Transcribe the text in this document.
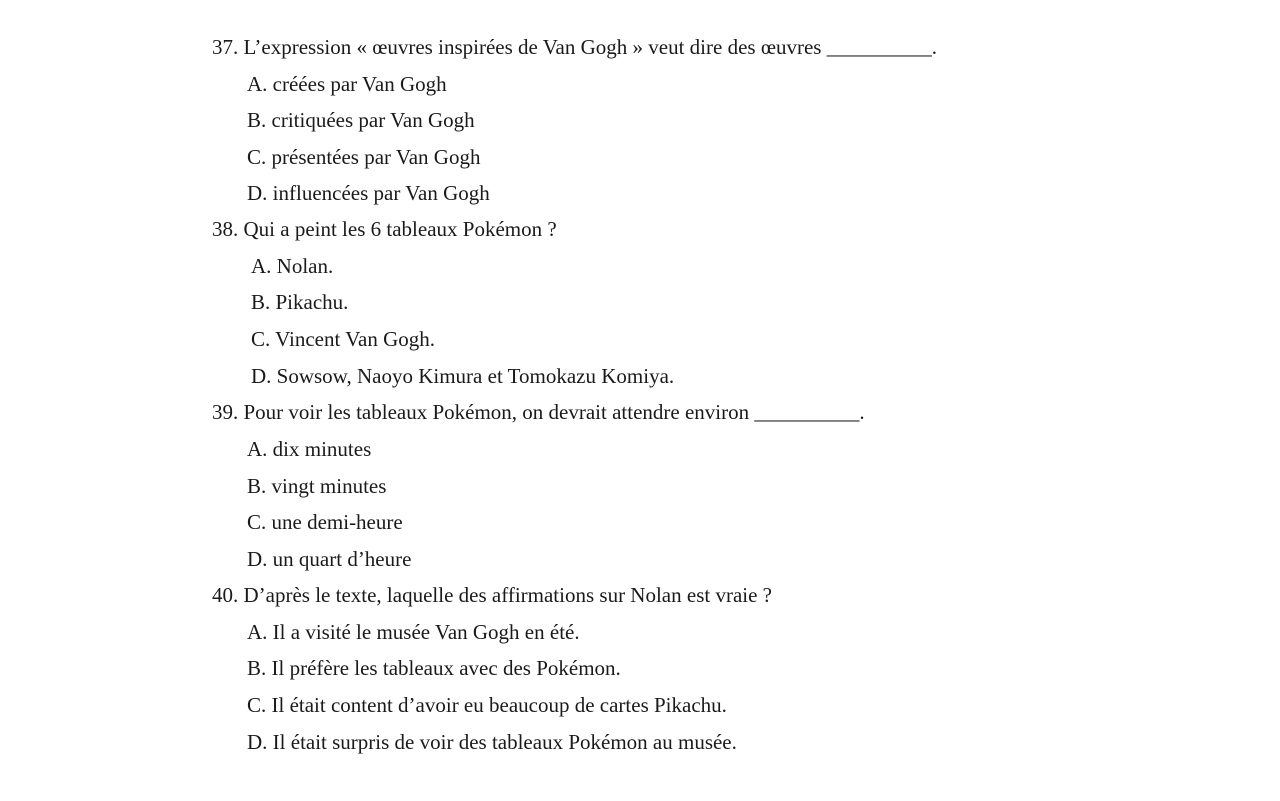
37. L’expression « œuvres inspirées de Van Gogh » veut dire des œuvres __________.
A. créées par Van Gogh
B. critiquées par Van Gogh
C. présentées par Van Gogh
D. influencées par Van Gogh
38. Qui a peint les 6 tableaux Pokémon ?
A. Nolan.
B. Pikachu.
C. Vincent Van Gogh.
D. Sowsow, Naoyo Kimura et Tomokazu Komiya.
39. Pour voir les tableaux Pokémon, on devrait attendre environ __________.
A. dix minutes
B. vingt minutes
C. une demi-heure
D. un quart d’heure
40. D’après le texte, laquelle des affirmations sur Nolan est vraie ?
A. Il a visité le musée Van Gogh en été.
B. Il préfère les tableaux avec des Pokémon.
C. Il était content d’avoir eu beaucoup de cartes Pikachu.
D. Il était surpris de voir des tableaux Pokémon au musée.
